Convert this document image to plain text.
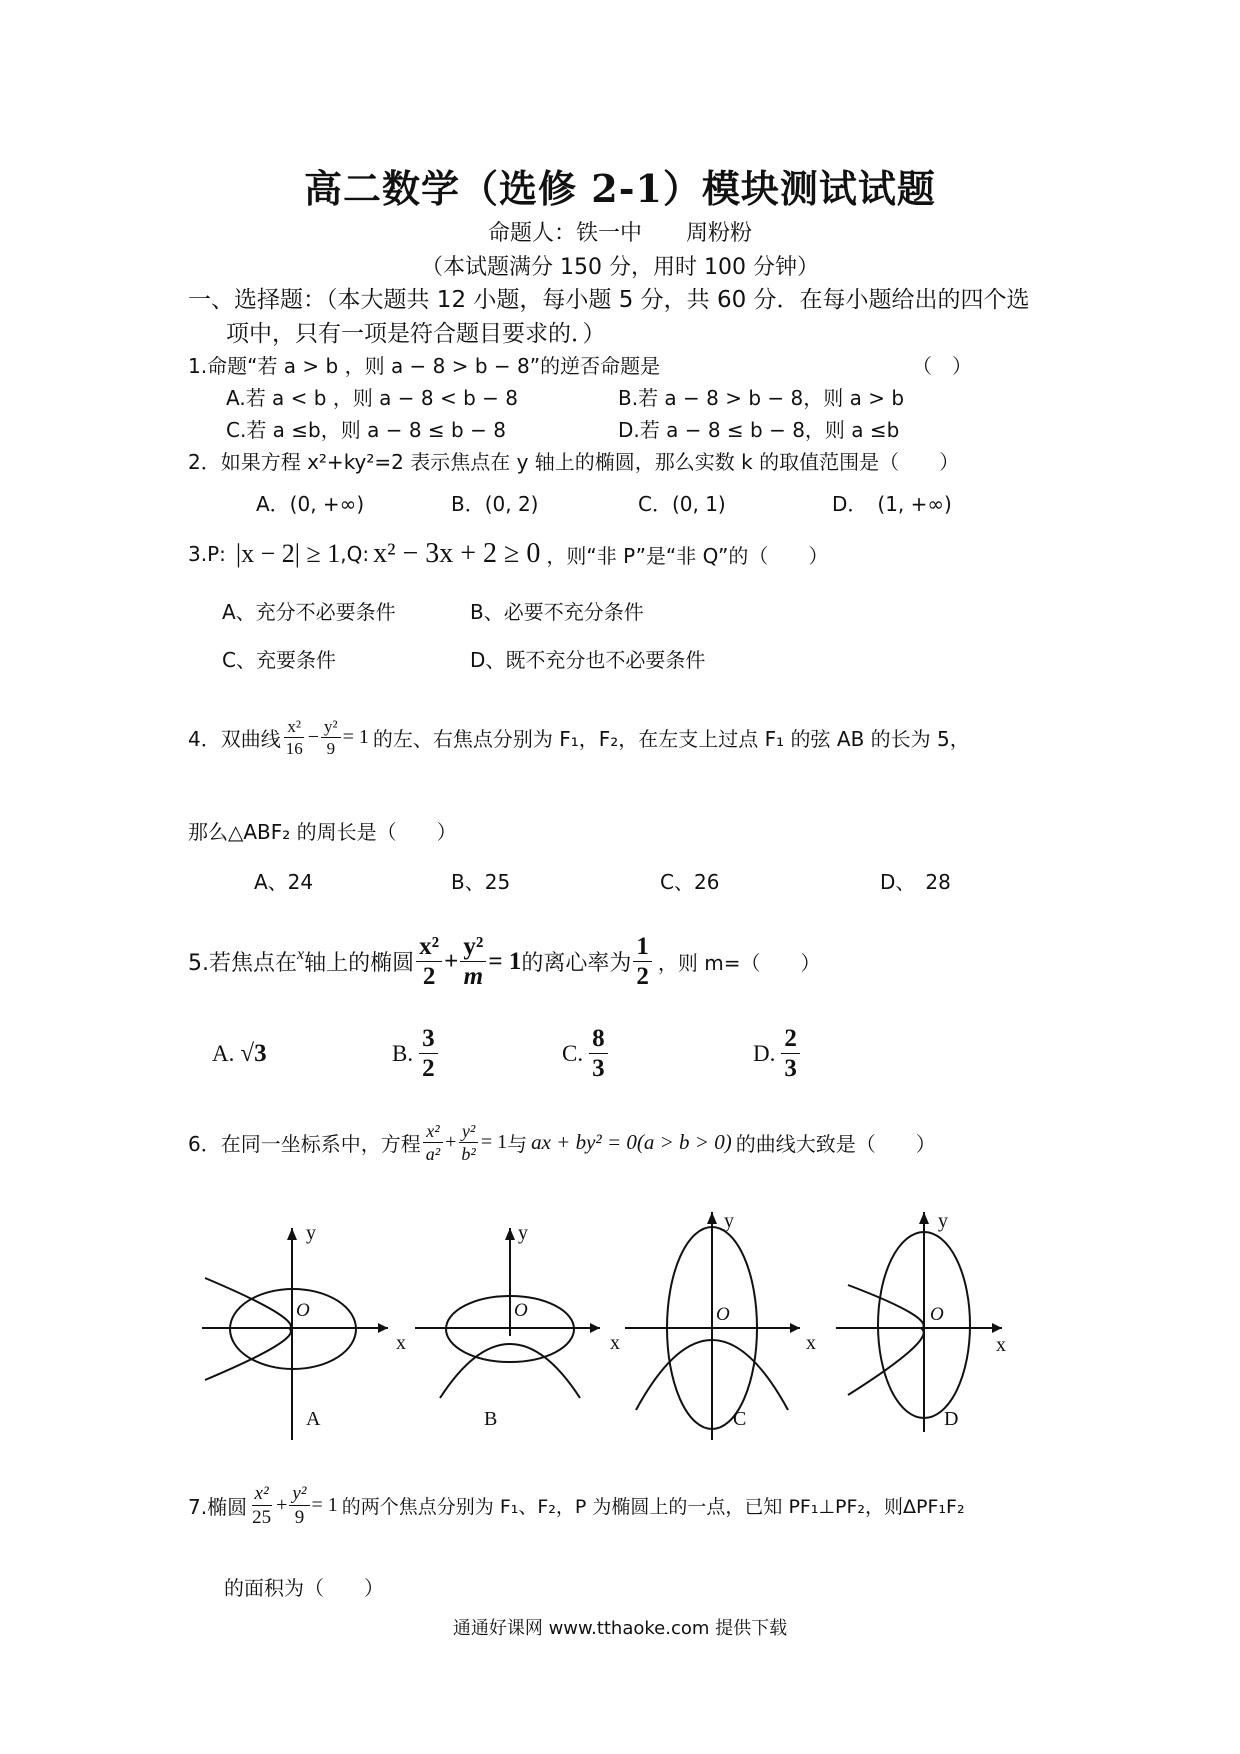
高二数学（选修 2-1）模块测试试题
命题人：铁一中　　周粉粉
（本试题满分 150 分，用时 100 分钟）
一、选择题：（本大题共 12 小题，每小题 5 分，共 60 分．在每小题给出的四个选
项中，只有一项是符合题目要求的．）
1.命题“若 a > b ，则 a − 8 > b − 8”的逆否命题是	（　）
A.若 a < b ，则 a − 8 < b − 8	B.若 a − 8 > b − 8，则 a > b
C.若 a ≤b，则 a − 8 ≤ b − 8	D.若 a − 8 ≤ b − 8，则 a ≤b
2．如果方程 x²+ky²=2 表示焦点在 y 轴上的椭圆，那么实数 k 的取值范围是（　　）
A．(0, +∞)	B．(0, 2)	C．(0, 1)	D．　(1, +∞)
3.P: |x − 2| ≥ 1 ,Q: x² − 3x + 2 ≥ 0 ，则“非 P”是“非 Q”的（　　）
A、充分不必要条件	B、必要不充分条件
C、充要条件	D、既不充分也不必要条件
4．双曲线 $\frac{\text{x²}}{16} - \frac{\text{y²}}{9} = 1$ 的左、右焦点分别为 F₁，F₂，在左支上过点 F₁ 的弦 AB 的长为 5，
那么△ABF₂ 的周长是（　　）
A、24	B、25	C、26	D、　28
5.若焦点在 x 轴上的椭圆 $\frac{\text{x²}}{2} + \frac{\text{y²}}{m} = 1$ 的离心率为 $\frac{1}{2}$ ，则 m=（　　）
A. √3	B. $\frac{3}{2}$	C. $\frac{8}{3}$	D. $\frac{2}{3}$
6．在同一坐标系中，方程 $\frac{\text{x²}}{\text{a²}} + \frac{\text{y²}}{\text{b²}} = 1$ 与 ax + by² = 0(a > b > 0) 的曲线大致是（　　）
y
O
x
A
y
O
x
B
y
O
x
C
y
O
x
D
7.椭圆 $\frac{\text{x²}}{25} + \frac{\text{y²}}{9} = 1$ 的两个焦点分别为 F₁、F₂，P 为椭圆上的一点，已知 PF₁⊥PF₂，则ΔPF₁F₂
的面积为（　　）
通通好课网 www.tthaoke.com 提供下载
